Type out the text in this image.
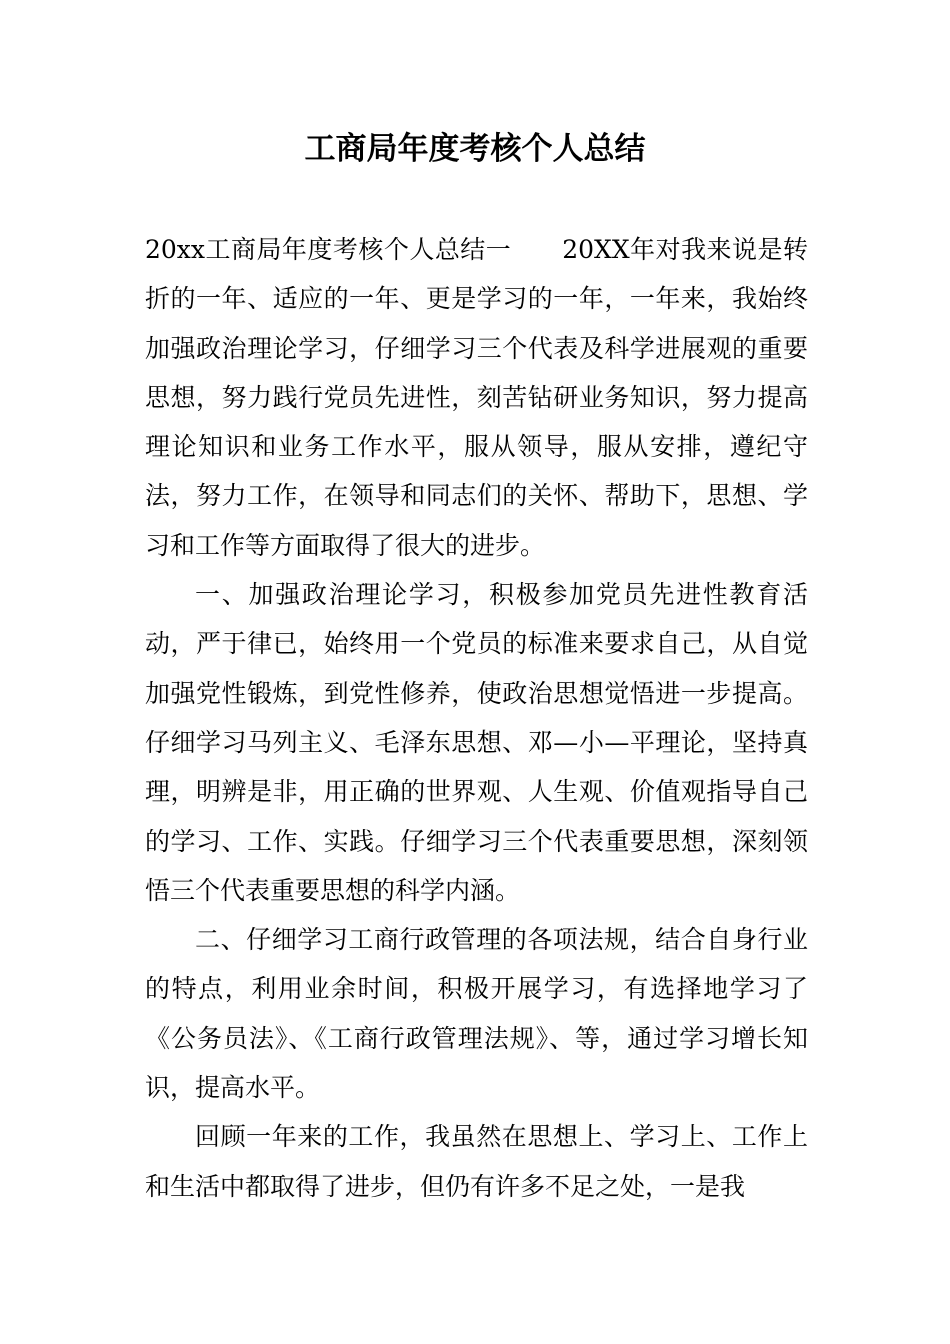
工商局年度考核个人总结

20xx工商局年度考核个人总结一　　20XX年对我来说是转折的一年、适应的一年、更是学习的一年，一年来，我始终加强政治理论学习，仔细学习三个代表及科学进展观的重要思想，努力践行党员先进性，刻苦钻研业务知识，努力提高理论知识和业务工作水平，服从领导，服从安排，遵纪守法，努力工作，在领导和同志们的关怀、帮助下，思想、学习和工作等方面取得了很大的进步。

一、加强政治理论学习，积极参加党员先进性教育活动，严于律已，始终用一个党员的标准来要求自己，从自觉加强党性锻炼，到党性修养，使政治思想觉悟进一步提高。仔细学习马列主义、毛泽东思想、邓—小—平理论，坚持真理，明辨是非，用正确的世界观、人生观、价值观指导自己的学习、工作、实践。仔细学习三个代表重要思想，深刻领悟三个代表重要思想的科学内涵。

二、仔细学习工商行政管理的各项法规，结合自身行业的特点，利用业余时间，积极开展学习，有选择地学习了《公务员法》、《工商行政管理法规》、等，通过学习增长知识，提高水平。

回顾一年来的工作，我虽然在思想上、学习上、工作上和生活中都取得了进步，但仍有许多不足之处，一是我
